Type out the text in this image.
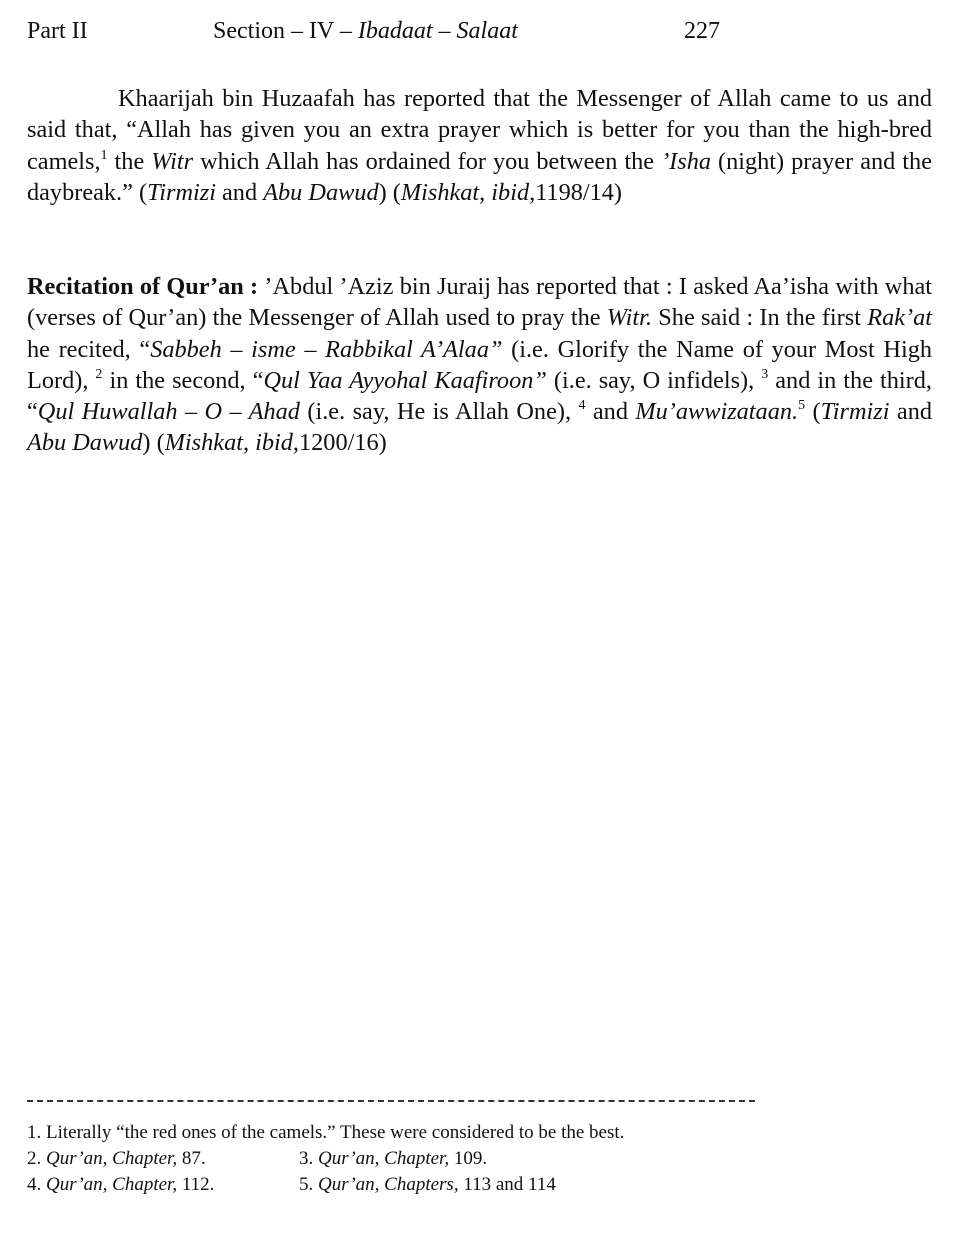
Part II	Section – IV – Ibadaat – Salaat	227

Khaarijah bin Huzaafah has reported that the Messenger of Allah came to us and said that, “Allah has given you an extra prayer which is better for you than the high-bred camels,$^1$ the Witr which Allah has ordained for you between the ’Isha (night) prayer and the daybreak.” (Tirmizi and Abu Dawud) (Mishkat, ibid,1198/14)

Recitation of Qur’an : ’Abdul ’Aziz bin Juraij has reported that : I asked Aa’isha with what (verses of Qur’an) the Messenger of Allah used to pray the Witr. She said : In the first Rak’at he recited, “Sabbeh – isme – Rabbikal A’Alaa” (i.e. Glorify the Name of your Most High Lord), $^2$ in the second, “Qul Yaa Ayyohal Kaafiroon” (i.e. say, O infidels), $^3$ and in the third, “Qul Huwallah – O – Ahad (i.e. say, He is Allah One), $^4$ and Mu’awwizataan.$^5$ (Tirmizi and Abu Dawud) (Mishkat, ibid,1200/16)

1. Literally “the red ones of the camels.” These were considered to be the best.
2. Qur’an, Chapter, 87.	3. Qur’an, Chapter, 109.
4. Qur’an, Chapter, 112.	5. Qur’an, Chapters, 113 and 114
